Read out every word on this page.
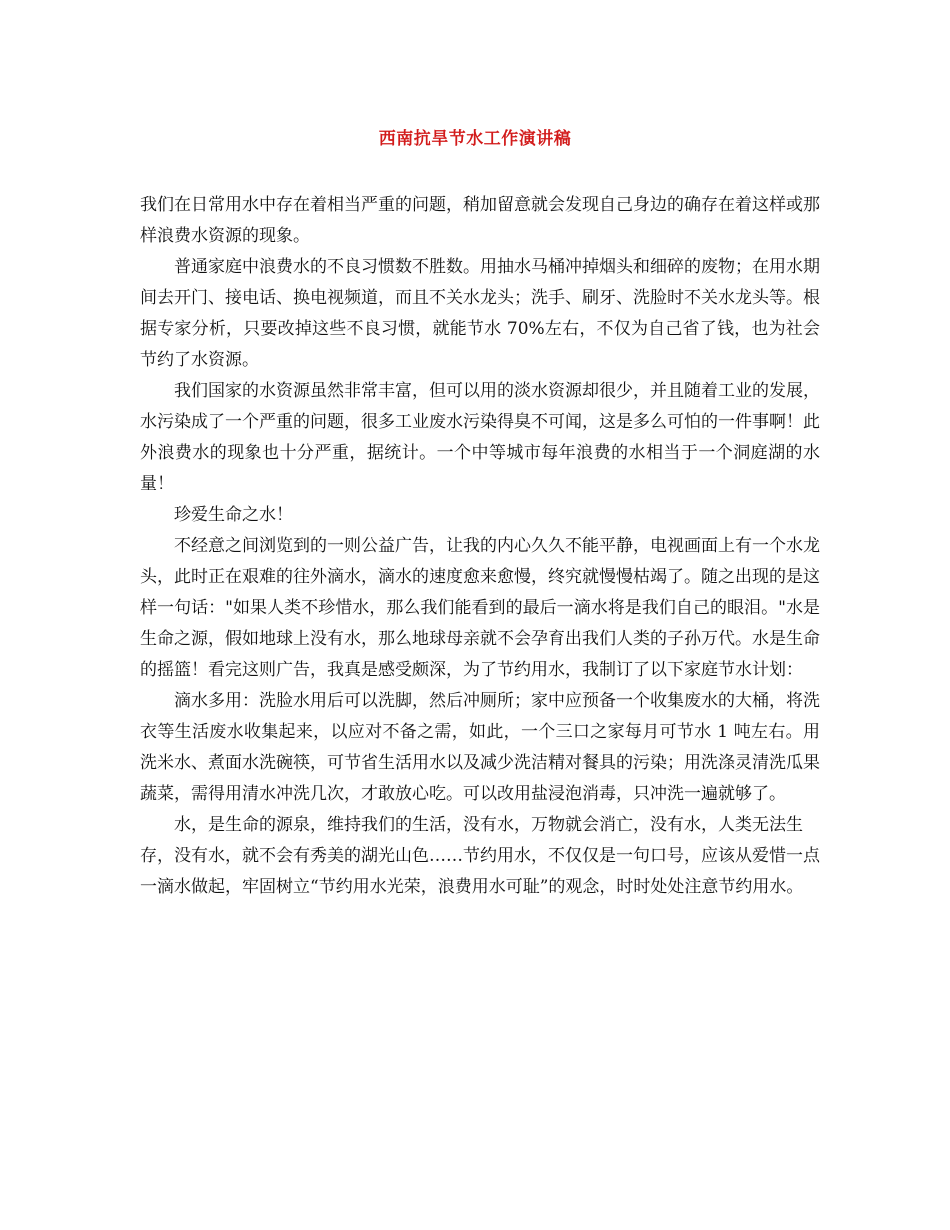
西南抗旱节水工作演讲稿

我们在日常用水中存在着相当严重的问题，稍加留意就会发现自己身边的确存在着这样或那样浪费水资源的现象。

普通家庭中浪费水的不良习惯数不胜数。用抽水马桶冲掉烟头和细碎的废物；在用水期间去开门、接电话、换电视频道，而且不关水龙头；洗手、刷牙、洗脸时不关水龙头等。根据专家分析，只要改掉这些不良习惯，就能节水 70%左右，不仅为自己省了钱，也为社会节约了水资源。

我们国家的水资源虽然非常丰富，但可以用的淡水资源却很少，并且随着工业的发展，水污染成了一个严重的问题，很多工业废水污染得臭不可闻，这是多么可怕的一件事啊！此外浪费水的现象也十分严重，据统计。一个中等城市每年浪费的水相当于一个洞庭湖的水量！

珍爱生命之水！

不经意之间浏览到的一则公益广告，让我的内心久久不能平静，电视画面上有一个水龙头，此时正在艰难的往外滴水，滴水的速度愈来愈慢，终究就慢慢枯竭了。随之出现的是这样一句话："如果人类不珍惜水，那么我们能看到的最后一滴水将是我们自己的眼泪。"水是生命之源，假如地球上没有水，那么地球母亲就不会孕育出我们人类的子孙万代。水是生命的摇篮！看完这则广告，我真是感受颇深，为了节约用水，我制订了以下家庭节水计划：

滴水多用：洗脸水用后可以洗脚，然后冲厕所；家中应预备一个收集废水的大桶，将洗衣等生活废水收集起来，以应对不备之需，如此，一个三口之家每月可节水 1 吨左右。用洗米水、煮面水洗碗筷，可节省生活用水以及减少洗洁精对餐具的污染；用洗涤灵清洗瓜果蔬菜，需得用清水冲洗几次，才敢放心吃。可以改用盐浸泡消毒，只冲洗一遍就够了。

水，是生命的源泉，维持我们的生活，没有水，万物就会消亡，没有水，人类无法生存，没有水，就不会有秀美的湖光山色……节约用水，不仅仅是一句口号，应该从爱惜一点一滴水做起，牢固树立“节约用水光荣，浪费用水可耻”的观念，时时处处注意节约用水。
